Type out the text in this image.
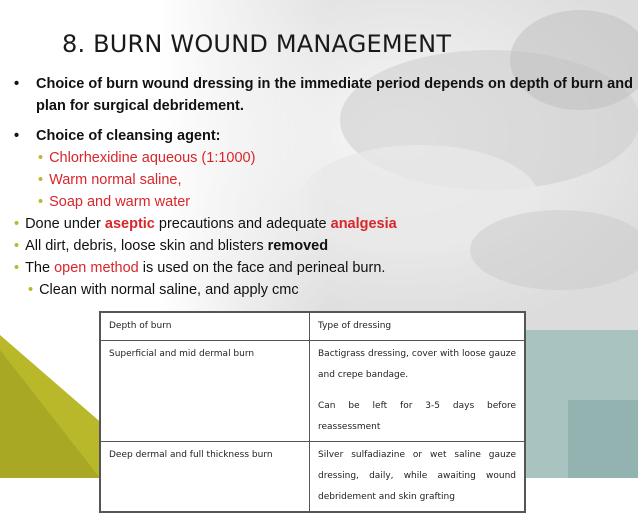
8. BURN WOUND MANAGEMENT
• Choice of burn wound dressing in the immediate period depends on depth of burn and plan for surgical debridement.
• Choice of cleansing agent:
• Chlorhexidine aqueous (1:1000)
• Warm normal saline,
• Soap and warm water
• Done under aseptic precautions and adequate analgesia
• All dirt, debris, loose skin and blisters removed
• The open method is used on the face and perineal burn.
• Clean with normal saline, and apply cmc
Depth of burn	Type of dressing
Superficial and mid dermal burn	Bactigrass dressing, cover with loose gauze and crepe bandage.
Can be left for 3-5 days before reassessment

Deep dermal and full thickness burn	Silver sulfadiazine or wet saline gauze dressing, daily, while awaiting wound debridement and skin grafting
